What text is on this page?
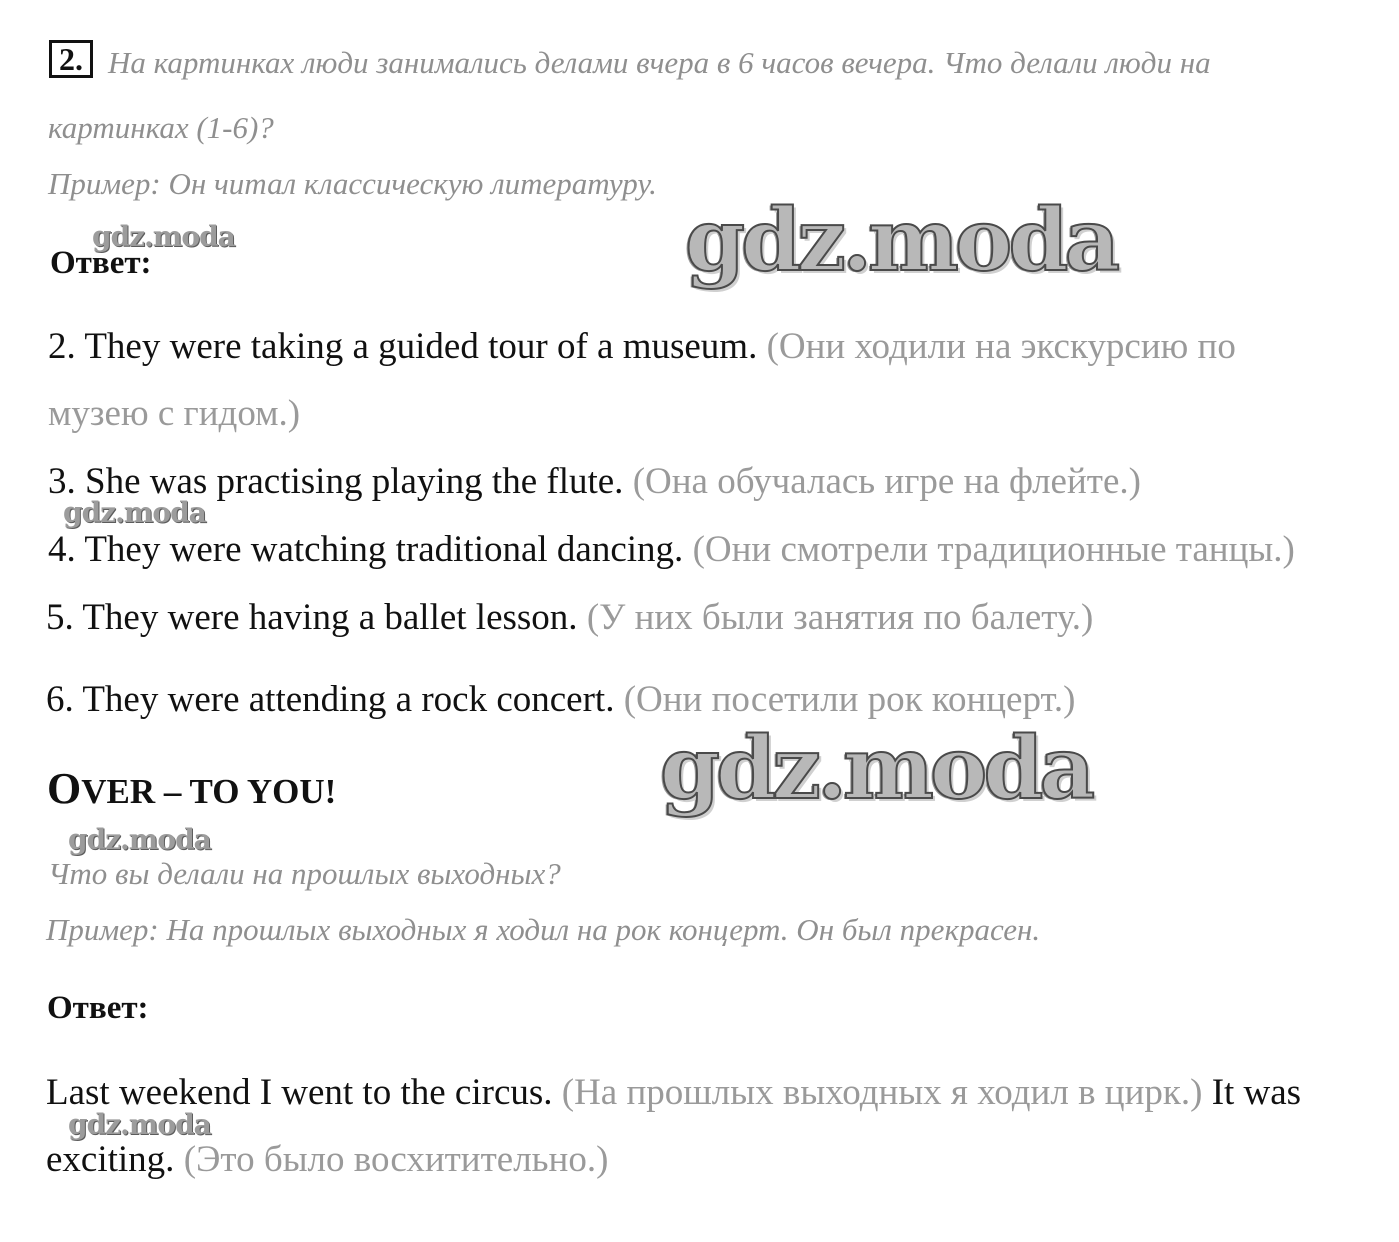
2. На картинках люди занимались делами вчера в 6 часов вечера. Что делали люди на
картинках (1-6)?
Пример: Он читал классическую литературу.
gdz.moda
Ответ:	gdz.moda
2. They were taking a guided tour of a museum. (Они ходили на экскурсию по
музею с гидом.)
3. She was practising playing the flute. (Она обучалась игре на флейте.)
gdz.moda
4. They were watching traditional dancing. (Они смотрели традиционные танцы.)
5. They were having a ballet lesson. (У них были занятия по балету.)
6. They were attending a rock concert. (Они посетили рок концерт.)
gdz.moda
OVER – TO YOU!
gdz.moda
Что вы делали на прошлых выходных?
Пример: На прошлых выходных я ходил на рок концерт. Он был прекрасен.
Ответ:
Last weekend I went to the circus. (На прошлых выходных я ходил в цирк.) It was
gdz.moda
exciting. (Это было восхитительно.)
